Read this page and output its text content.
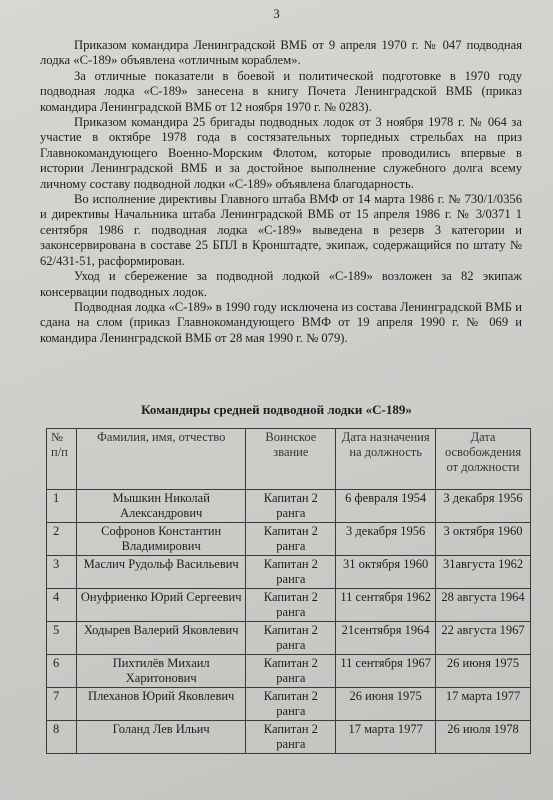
3

Приказом командира Ленинградской ВМБ от 9 апреля 1970 г. № 047 подводная лодка «С-189» объявлена «отличным кораблем».

За отличные показатели в боевой и политической подготовке в 1970 году подводная лодка «С-189» занесена в книгу Почета Ленинградской ВМБ (приказ командира Ленинградской ВМБ от 12 ноября 1970 г. № 0283).

Приказом командира 25 бригады подводных лодок от 3 ноября 1978 г. № 064 за участие в октябре 1978 года в состязательных торпедных стрельбах на приз Главнокомандующего Военно-Морским Флотом, которые проводились впервые в истории Ленинградской ВМБ и за достойное выполнение служебного долга всему личному составу подводной лодки «С-189» объявлена благодарность.

Во исполнение директивы Главного штаба ВМФ от 14 марта 1986 г. № 730/1/0356 и директивы Начальника штаба Ленинградской ВМБ от 15 апреля 1986 г. № 3/0371 1 сентября 1986 г. подводная лодка «С-189» выведена в резерв 3 категории и законсервирована в составе 25 БПЛ в Кронштадте, экипаж, содержащийся по штату № 62/431-51, расформирован.

Уход и сбережение за подводной лодкой «С-189» возложен за 82 экипаж консервации подводных лодок.

Подводная лодка «С-189» в 1990 году исключена из состава Ленинградской ВМБ и сдана на слом (приказ Главнокомандующего ВМФ от 19 апреля 1990 г. № 069 и командира Ленинградской ВМБ от 28 мая 1990 г. № 079).

Командиры средней подводной лодки «С-189»
№ п/п	Фамилия, имя, отчество	Воинское звание	Дата назначения на должность	Дата освобождения от должности
1	Мышкин Николай Александрович	Капитан 2 ранга	6 февраля 1954	3 декабря 1956
2	Софронов Константин Владимирович	Капитан 2 ранга	3 декабря 1956	3 октября 1960
3	Маслич Рудольф Васильевич	Капитан 2 ранга	31 октября 1960	31августа 1962
4	Онуфриенко Юрий Сергеевич	Капитан 2 ранга	11 сентября 1962	28 августа 1964
5	Ходырев Валерий Яковлевич	Капитан 2 ранга	21сентября 1964	22 августа 1967
6	Пихтилёв Михаил Харитонович	Капитан 2 ранга	11 сентября 1967	26 июня 1975
7	Плеханов Юрий Яковлевич	Капитан 2 ранга	26 июня 1975	17 марта 1977
8	Голанд Лев Ильич	Капитан 2 ранга	17 марта 1977	26 июля 1978
